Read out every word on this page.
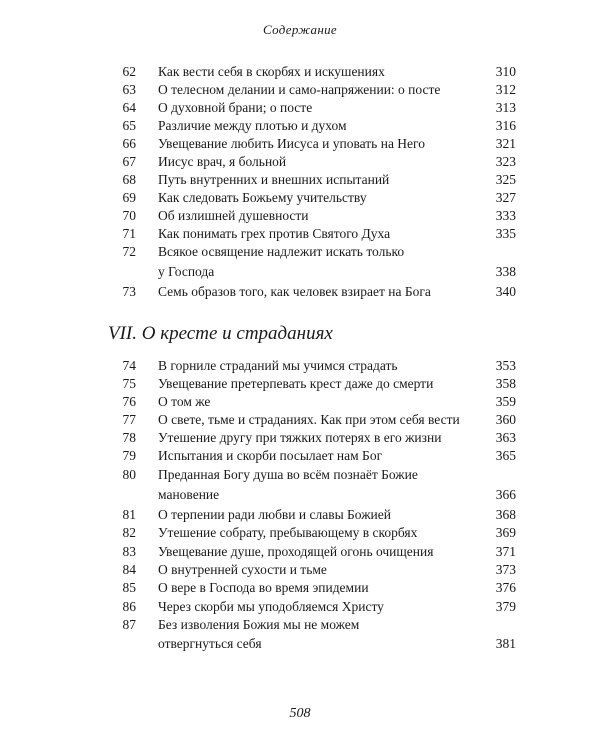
Содержание
62 Как вести себя в скорбях и искушениях	310
63 О телесном делании и само-напряжении: о посте	312
64 О духовной брани; о посте	313
65 Различие между плотью и духом	316
66 Увещевание любить Иисуса и уповать на Него	321
67 Иисус врач, я больной	323
68 Путь внутренних и внешних испытаний	325
69 Как следовать Божьему учительству	327
70 Об излишней душевности	333
71 Как понимать грех против Святого Духа	335
72 Всякое освящение надлежит искать только
у Господа	338
73 Семь образов того, как человек взирает на Бога	340
VII. О кресте и страданиях
74 В горниле страданий мы учимся страдать	353
75 Увещевание претерпевать крест даже до смерти	358
76 О том же	359
77 О свете, тьме и страданиях. Как при этом себя вести	360
78 Утешение другу при тяжких потерях в его жизни	363
79 Испытания и скорби посылает нам Бог	365
80 Преданная Богу душа во всём познаёт Божие
мановение	366
81 О терпении ради любви и славы Божией	368
82 Утешение собрату, пребывающему в скорбях	369
83 Увещевание душе, проходящей огонь очищения	371
84 О внутренней сухости и тьме	373
85 О вере в Господа во время эпидемии	376
86 Через скорби мы уподобляемся Христу	379
87 Без изволения Божия мы не можем
отвергнуться себя	381
508
